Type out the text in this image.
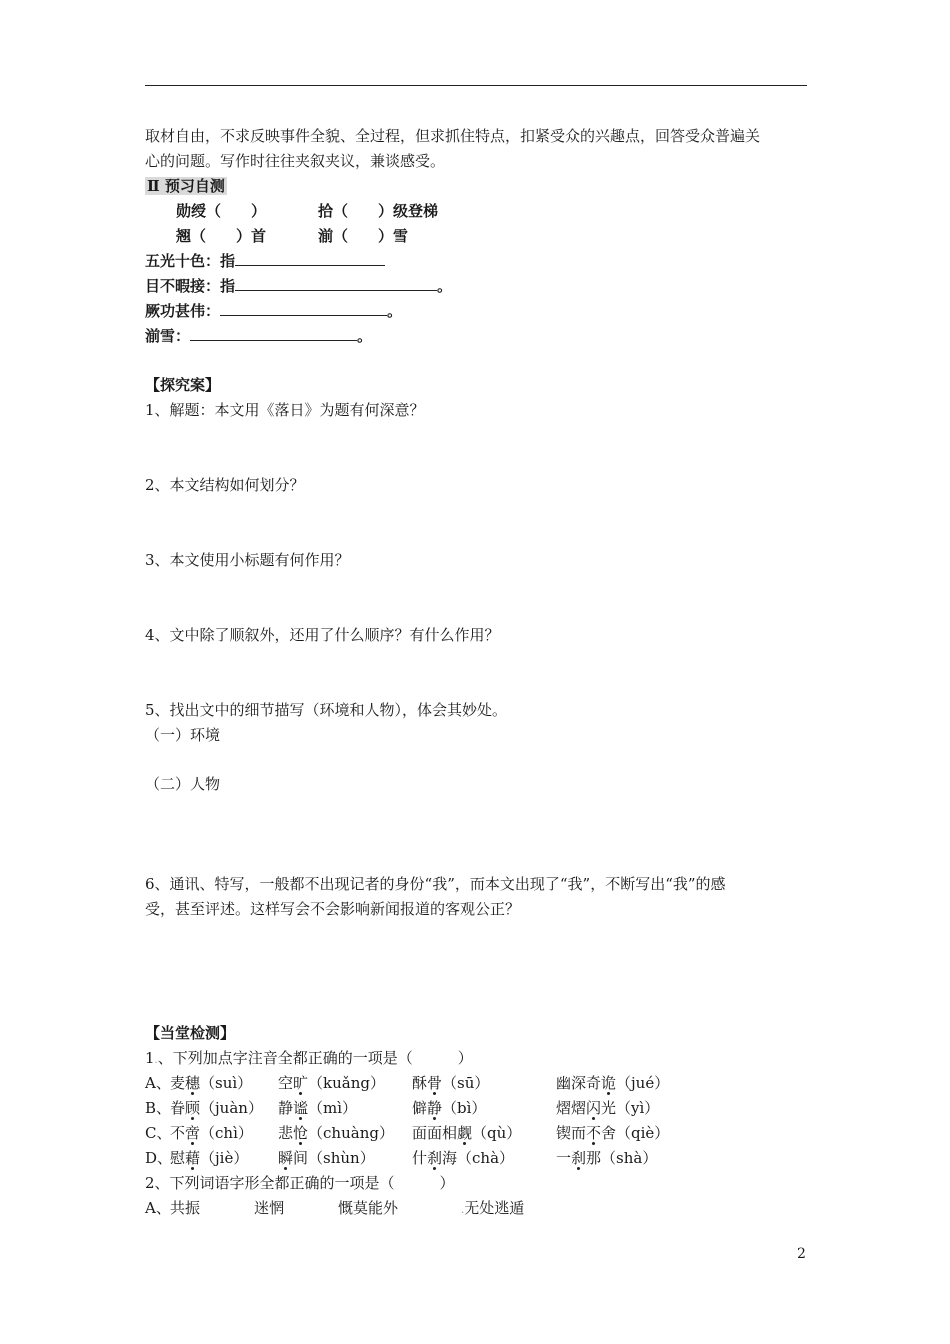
取材自由，不求反映事件全貌、全过程，但求抓住特点，扣紧受众的兴趣点，回答受众普遍关
心的问题。写作时往往夹叙夹议，兼谈感受。
Ⅱ 预习自测
勋绶（　　）	拾（　　）级登梯
翘（　　）首	湔（　　）雪
五光十色：指
目不暇接：指	。
厥功甚伟：	。
湔雪：	。
【探究案】
1、解题：本文用《落日》为题有何深意？
2、本文结构如何划分？
3、本文使用小标题有何作用？
4、文中除了顺叙外，还用了什么顺序？有什么作用？
5、找出文中的细节描写（环境和人物），体会其妙处。
（一）环境
（二）人物
6、通讯、特写，一般都不出现记者的身份“我”，而本文出现了“我”，不断写出“我”的感
受，甚至评述。这样写会不会影响新闻报道的客观公正？
【当堂检测】
1.、下列加点字注音全都正确的一项是（　　　）
A、 麦穗（suì） 空旷（kuǎng） 酥骨（sū）	幽深奇诡（jué）
B、
眷顾（juàn） 静谧（mì）	僻静（bì）	熠熠闪光（yì）
C、
不啻（chì） 悲怆（chuàng） 面面相觑（qù） 锲而不舍（qiè）
D、
慰藉（jiè） 瞬间（shùn） 什刹海（chà）	一刹那（shà）
2、下列词语字形全都正确的一项是（　　　）
A、 共振	迷惘	慨莫能外	.无处逃遁
2
